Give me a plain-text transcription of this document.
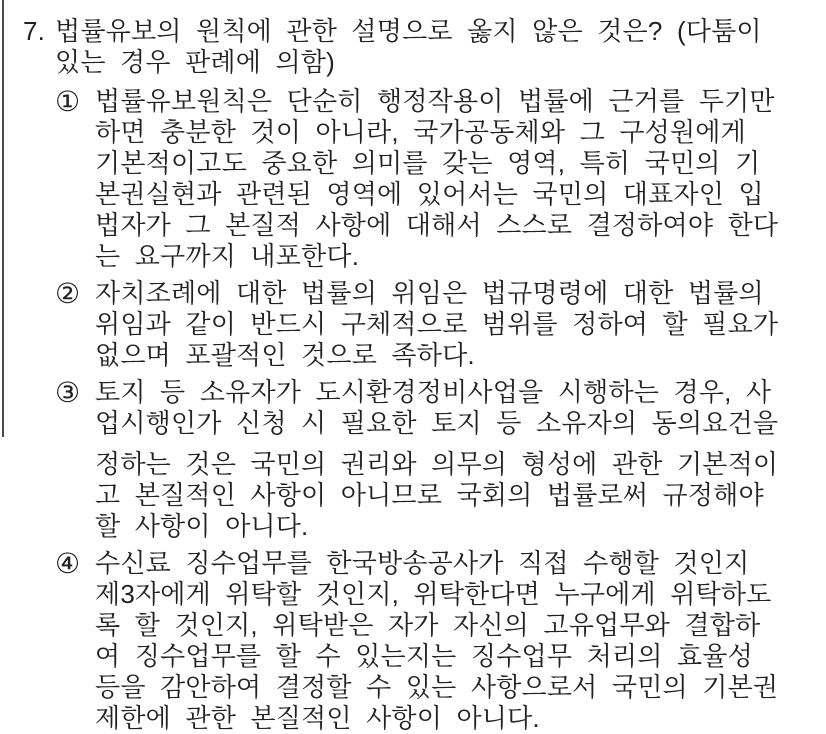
7. 법률유보의 원칙에 관한 설명으로 옳지 않은 것은? (다툼이
있는 경우 판례에 의함)
① 법률유보원칙은 단순히 행정작용이 법률에 근거를 두기만
하면 충분한 것이 아니라, 국가공동체와 그 구성원에게
기본적이고도 중요한 의미를 갖는 영역, 특히 국민의 기
본권실현과 관련된 영역에 있어서는 국민의 대표자인 입
법자가 그 본질적 사항에 대해서 스스로 결정하여야 한다
는 요구까지 내포한다.
② 자치조례에 대한 법률의 위임은 법규명령에 대한 법률의
위임과 같이 반드시 구체적으로 범위를 정하여 할 필요가
없으며 포괄적인 것으로 족하다.
③ 토지 등 소유자가 도시환경정비사업을 시행하는 경우, 사
업시행인가 신청 시 필요한 토지 등 소유자의 동의요건을
정하는 것은 국민의 권리와 의무의 형성에 관한 기본적이
고 본질적인 사항이 아니므로 국회의 법률로써 규정해야
할 사항이 아니다.
④ 수신료 징수업무를 한국방송공사가 직접 수행할 것인지
제3자에게 위탁할 것인지, 위탁한다면 누구에게 위탁하도
록 할 것인지, 위탁받은 자가 자신의 고유업무와 결합하
여 징수업무를 할 수 있는지는 징수업무 처리의 효율성
등을 감안하여 결정할 수 있는 사항으로서 국민의 기본권
제한에 관한 본질적인 사항이 아니다.
